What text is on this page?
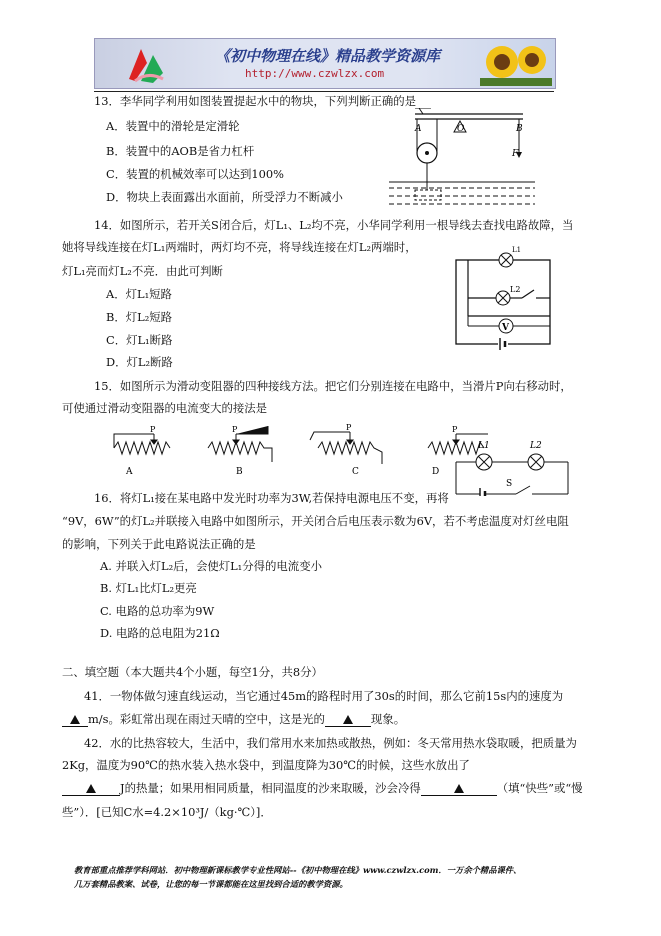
《初中物理在线》精品教学资源库
http://www.czwlzx.com
13．李华同学利用如图装置提起水中的物块，下列判断正确的是
A．装置中的滑轮是定滑轮
B．装置中的AOB是省力杠杆
C．装置的机械效率可以达到100%
D．物块上表面露出水面前，所受浮力不断减小
A	O	B
F
14．如图所示，若开关S闭合后，灯L₁、L₂均不亮，小华同学利用一根导线去查找电路故障，当
她将导线连接在灯L₁两端时，两灯均不亮，将导线连接在灯L₂两端时，
灯L₁亮而灯L₂不亮．由此可判断
A．灯L₁短路
B．灯L₂短路
C．灯L₁断路
D．灯L₂断路
V
L1
L2
15．如图所示为滑动变阻器的四种接线方法。把它们分别连接在电路中，当滑片P向右移动时，
可使通过滑动变阻器的电流变大的接法是
P
A
P
B
P
C
P
D
L1	L2
S
16．将灯L₁接在某电路中发光时功率为3W,若保持电源电压不变，再将
“9V，6W”的灯L₂并联接入电路中如图所示，开关闭合后电压表示数为6V，若不考虑温度对灯丝电阻
的影响，下列关于此电路说法正确的是
A. 并联入灯L₂后，会使灯L₁分得的电流变小
B. 灯L₁比灯L₂更亮
C. 电路的总功率为9W
D. 电路的总电阻为21Ω
二、填空题（本大题共4个小题，每空1分，共8分）
41．一物体做匀速直线运动，当它通过45m的路程时用了30s的时间，那么它前15s内的速度为
m/s。彩虹常出现在雨过天晴的空中，这是光的	现象。
42．水的比热容较大，生活中，我们常用水来加热或散热，例如：冬天常用热水袋取暖，把质量为
2Kg，温度为90℃的热水装入热水袋中，到温度降为30℃的时候，这些水放出了
J的热量；如果用相同质量，相同温度的沙来取暖，沙会冷得	（填“快些”或“慢
些”）．[已知C水=4.2×10³J/（kg·℃）]．
教育部重点推荐学科网站．初中物理新课标教学专业性网站--《初中物理在线》www.czwlzx.com．一万余个精品课件、
几万套精品教案、试卷，让您的每一节课都能在这里找到合适的教学资源。
